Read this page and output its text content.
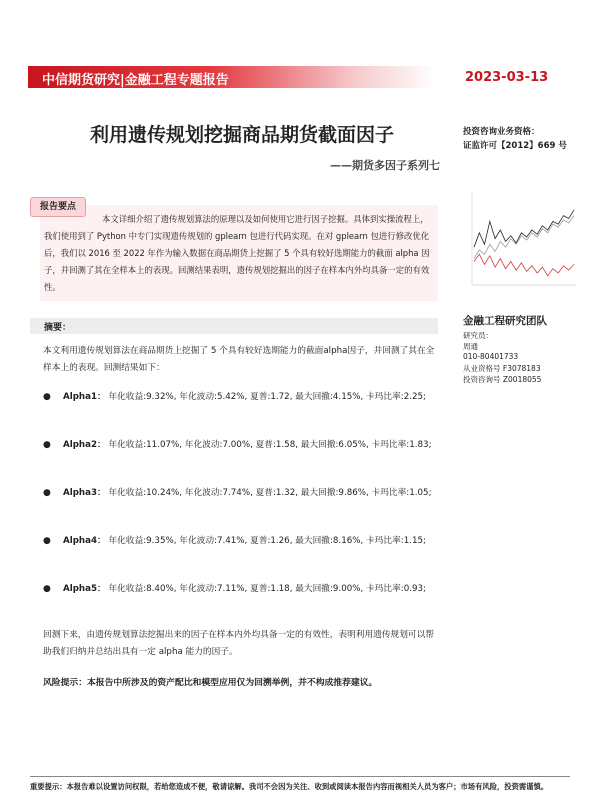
中信期货研究|金融工程专题报告	2023-03-13
利用遗传规划挖掘商品期货截面因子
——期货多因子系列七
投资咨询业务资格：
证监许可【2012】669 号
报告要点
本文详细介绍了遗传规划算法的原理以及如何使用它进行因子挖掘。具体到实操流程上，我们使用到了 Python 中专门实现遗传规划的 gplearn 包进行代码实现。在对 gplearn 包进行修改优化后，我们以 2016 至 2022 年作为输入数据在商品期货上挖掘了 5 个具有较好选期能力的截面 alpha 因子，并回测了其在全样本上的表现。回测结果表明，遗传规划挖掘出的因子在样本内外均具备一定的有效性。
摘要：
本文利用遗传规划算法在商品期货上挖掘了 5 个具有较好选期能力的截面alpha因子，并回测了其在全样本上的表现。回测结果如下：
● Alpha1： 年化收益:9.32%, 年化波动:5.42%, 夏普:1.72, 最大回撤:4.15%, 卡玛比率:2.25;
● Alpha2： 年化收益:11.07%, 年化波动:7.00%, 夏普:1.58, 最大回撤:6.05%, 卡玛比率:1.83;
● Alpha3： 年化收益:10.24%, 年化波动:7.74%, 夏普:1.32, 最大回撤:9.86%, 卡玛比率:1.05;
● Alpha4： 年化收益:9.35%, 年化波动:7.41%, 夏普:1.26, 最大回撤:8.16%, 卡玛比率:1.15;
● Alpha5： 年化收益:8.40%, 年化波动:7.11%, 夏普:1.18, 最大回撤:9.00%, 卡玛比率:0.93;
回测下来，由遗传规划算法挖掘出来的因子在样本内外均具备一定的有效性，表明利用遗传规划可以帮助我们归纳并总结出具有一定 alpha 能力的因子。
风险提示：本报告中所涉及的资产配比和模型应用仅为回溯举例，并不构成推荐建议。
金融工程研究团队
研究员：
周通
010-80401733
从业资格号 F3078183
投资咨询号 Z0018055
重要提示：本报告难以设置访问权限，若给您造成不便，敬请谅解。我司不会因为关注、收到或阅读本报告内容而视相关人员为客户；市场有风险，投资需谨慎。
